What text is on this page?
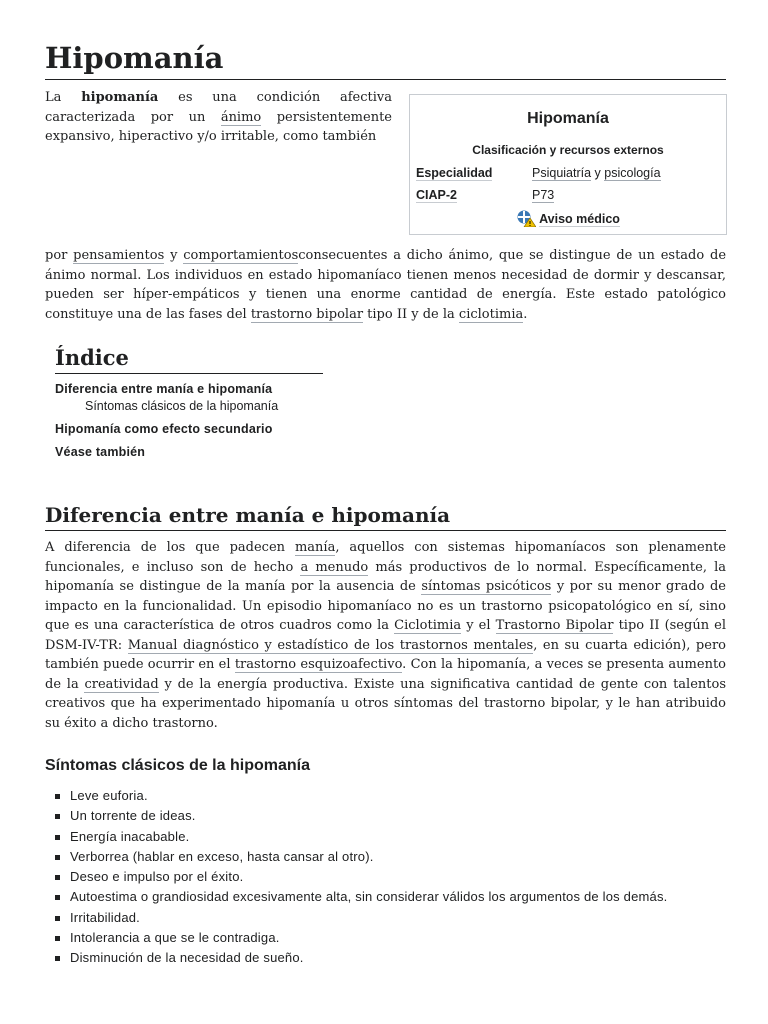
Hipomanía

La hipomanía es una condición afectiva caracterizada por un ánimo persistentemente expansivo, hiperactivo y/o irritable, como también

Hipomanía
Clasificación y recursos externos
Especialidad	Psiquiatría y psicología
CIAP-2	P73
Aviso médico

por pensamientos y comportamientosconsecuentes a dicho ánimo, que se distingue de un estado de ánimo normal. Los individuos en estado hipomaníaco tienen menos necesidad de dormir y descansar, pueden ser híper-empáticos y tienen una enorme cantidad de energía. Este estado patológico constituye una de las fases del trastorno bipolar tipo II y de la ciclotimia.

Índice
Diferencia entre manía e hipomanía
Síntomas clásicos de la hipomanía
Hipomanía como efecto secundario
Véase también
Diferencia entre manía e hipomanía

A diferencia de los que padecen manía, aquellos con sistemas hipomaníacos son plenamente funcionales, e incluso son de hecho a menudo más productivos de lo normal. Específicamente, la hipomanía se distingue de la manía por la ausencia de síntomas psicóticos y por su menor grado de impacto en la funcionalidad. Un episodio hipomaníaco no es un trastorno psicopatológico en sí, sino que es una característica de otros cuadros como la Ciclotimia y el Trastorno Bipolar tipo II (según el DSM-IV-TR: Manual diagnóstico y estadístico de los trastornos mentales, en su cuarta edición), pero también puede ocurrir en el trastorno esquizoafectivo. Con la hipomanía, a veces se presenta aumento de la creatividad y de la energía productiva. Existe una significativa cantidad de gente con talentos creativos que ha experimentado hipomanía u otros síntomas del trastorno bipolar, y le han atribuido su éxito a dicho trastorno.

Síntomas clásicos de la hipomanía
Leve euforia.
Un torrente de ideas.
Energía inacabable.
Verborrea (hablar en exceso, hasta cansar al otro).
Deseo e impulso por el éxito.
Autoestima o grandiosidad excesivamente alta, sin considerar válidos los argumentos de los demás.
Irritabilidad.
Intolerancia a que se le contradiga.
Disminución de la necesidad de sueño.
